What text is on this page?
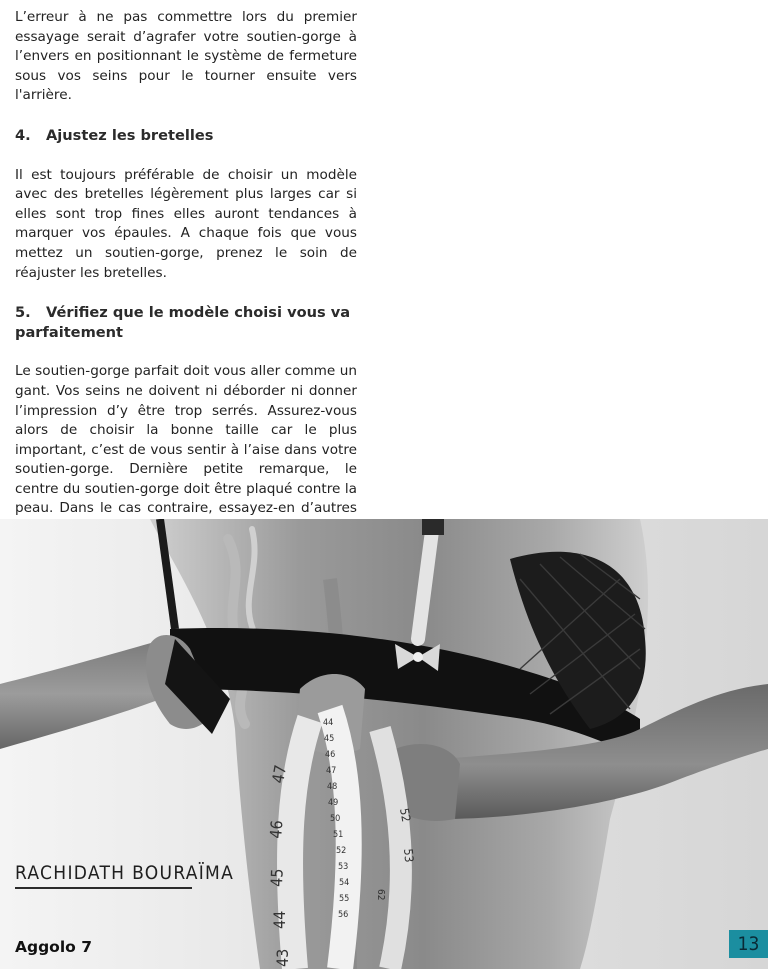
L’erreur à ne pas commettre lors du premier essayage serait d’agrafer votre soutien-gorge à l’envers en positionnant le système de fermeture sous vos seins pour le tourner ensuite vers l'arrière.

4. Ajustez les bretelles

Il est toujours préférable de choisir un modèle avec des bretelles légèrement plus larges car si elles sont trop fines elles auront tendances à marquer vos épaules. A chaque fois que vous mettez un soutien-gorge, prenez le soin de réajuster les bretelles.

5. Vérifiez que le modèle choisi vous va parfaitement

Le soutien-gorge parfait doit vous aller comme un gant. Vos seins ne doivent ni déborder ni donner l’impression d’y être trop serrés. Assurez-vous alors de choisir la bonne taille car le plus important, c’est de vous sentir à l’aise dans votre soutien-gorge. Dernière petite remarque, le centre du soutien-gorge doit être plaqué contre la peau. Dans le cas contraire, essayez-en d’autres

47
46
45
44
43
44
45
46
47
48
49
50
51
52
53
54
55
56
52
53
62
RACHIDATH BOURAÏMA
Aggolo 7	13
